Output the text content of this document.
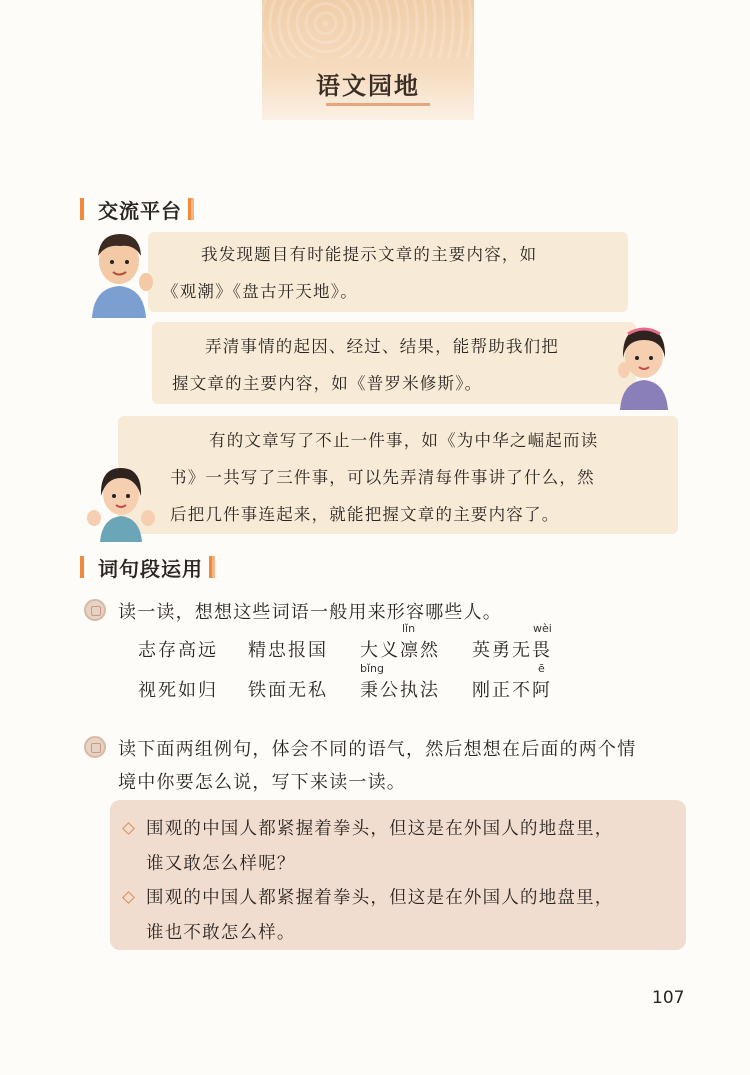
语文园地
交流平台

我发现题目有时能提示文章的主要内容，如

《观潮》《盘古开天地》。

弄清事情的起因、经过、结果，能帮助我们把

握文章的主要内容，如《普罗米修斯》。

有的文章写了不止一件事，如《为中华之崛起而读

书》一共写了三件事，可以先弄清每件事讲了什么，然

后把几件事连起来，就能把握文章的主要内容了。

词句段运用
读一读，想想这些词语一般用来形容哪些人。
志存高远 精忠报国
lǐn
大义凛然
wèi
英勇无畏
视死如归 铁面无私
bǐng
秉公执法
ē
刚正不阿
读下面两组例句，体会不同的语气，然后想想在后面的两个情
境中你要怎么说，写下来读一读。
围观的中国人都紧握着拳头，但这是在外国人的地盘里，
谁又敢怎么样呢？
围观的中国人都紧握着拳头，但这是在外国人的地盘里，
谁也不敢怎么样。
107
